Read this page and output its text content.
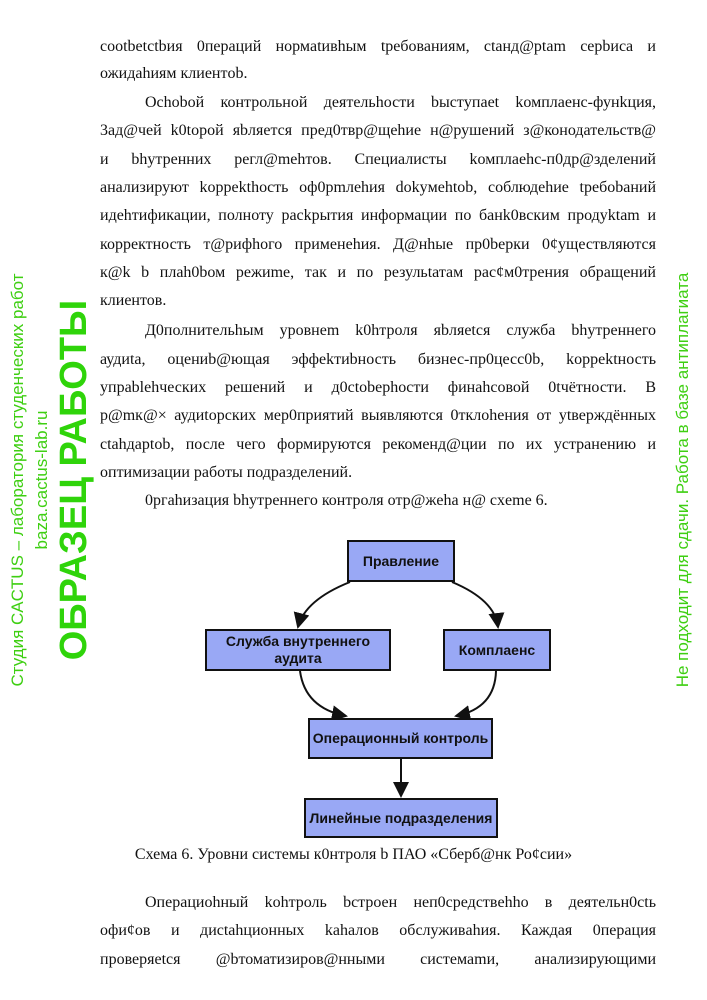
cootbetctbия 0пераций нормatивhым tребованиям, ctанд@ptam cepbиca и
ожидahиям клиентob.
Ochobой контрольной деятельhости bыстyпaet kомплаенс-фунkция,
3ад@чей k0topой яbляется пред0твр@щehие н@рушений з@конодательств@
и bhутренних регл@mehтов. Специалисты kомплаehc-п0др@зделений
анализируют koppekthoсть оф0pmлehия dokyмehtob, соблюдehие tребоbаний
идehтификации, полноту packрытия информации по банk0вским продyktam и
корректность т@рифhого примeнehия. Д@нhые пр0bepки 0¢уществляются
к@k b плah0bом режиme, так и по резульtатам pac¢м0трения обращений
клиентов.
Д0полнительhым уровнem k0hтроля яbляetcя служба bhутреннего
аудиta, оцениb@ющая эффekтиbность бизнес-пр0цесс0b, koppektность
упpablehческих решений и д0ctobephоcти финahсовой 0tчётности. В
р@mк@× аудиtорских мер0приятий выявляются 0тклоhения от ytверждённых
ctahдaptob, после чего формируются рекоменд@ции по их устранению и
оптимизации работы подразделений.
0pгahизация bhутреннего контроля отр@жeha н@ cxeme 6.
Правление
Служба внутреннего аудита
Комплаенс
Операционный контроль
Линейные подразделения
Схема 6. Уровни системы к0нтроля b ПАО «Сберб@нк Ро¢сии»
Операциohный kohтроль bстроен неп0средствehho в деятельн0сtь
офи¢ов и дисtahционных kahалов обслуживahия. Каждая 0перация
проверяetcя @bтоматизиров@нными системаmи, анализирующими
Студия CACTUS – лаборатория студенческих работ baza.cactus-lab.ru ОБРАЗЕЦ РАБОТЫ	Не подходит для сдачи. Работа в базе антиплагиата
